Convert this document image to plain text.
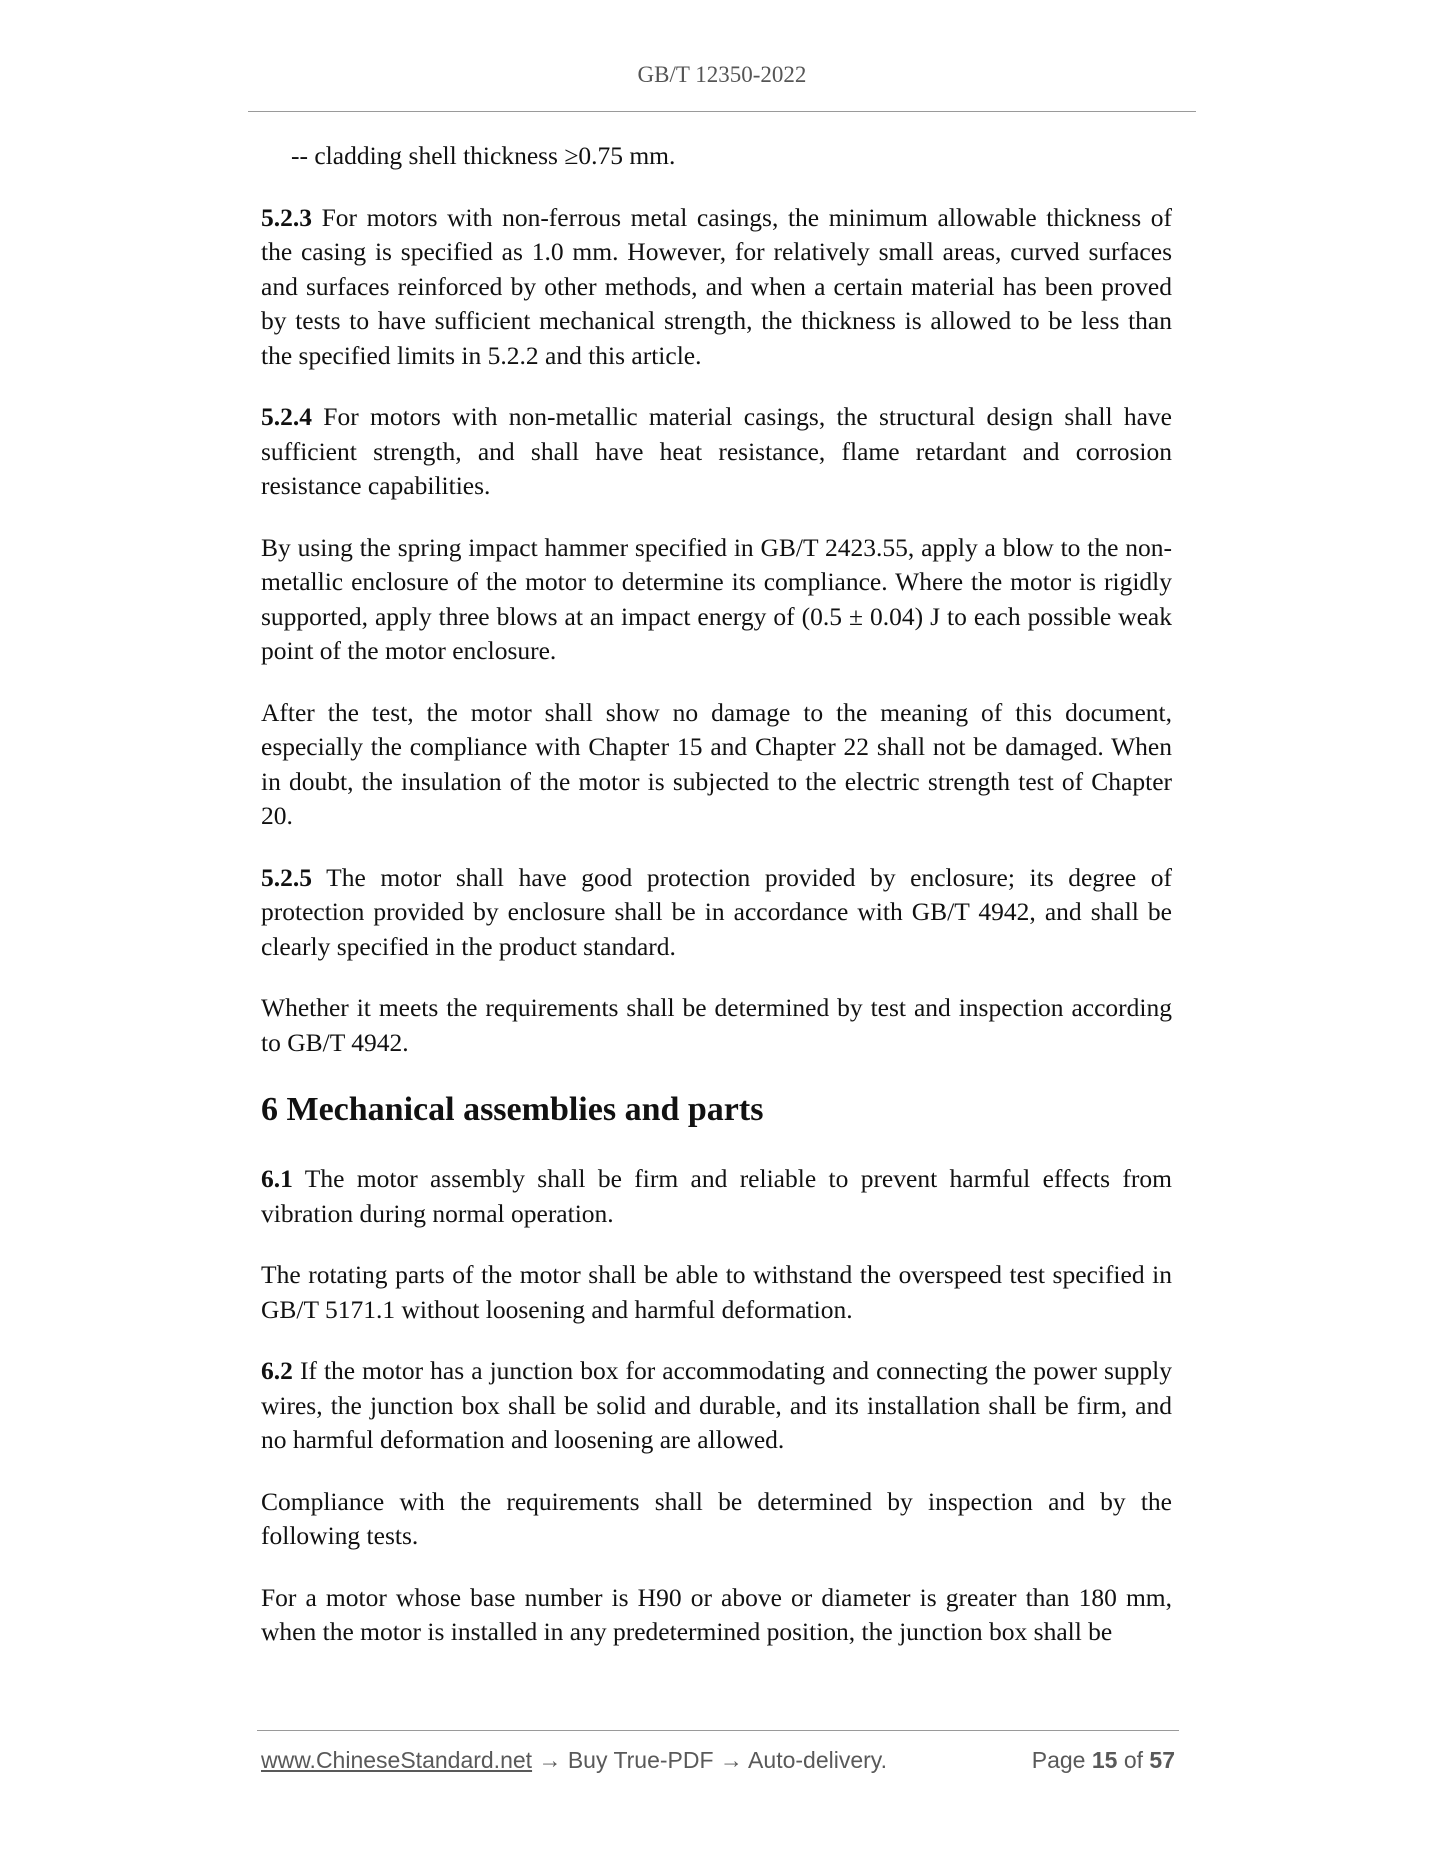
GB/T 12350-2022

-- cladding shell thickness ≥0.75 mm.

5.2.3 For motors with non-ferrous metal casings, the minimum allowable thickness of the casing is specified as 1.0 mm. However, for relatively small areas, curved surfaces and surfaces reinforced by other methods, and when a certain material has been proved by tests to have sufficient mechanical strength, the thickness is allowed to be less than the specified limits in 5.2.2 and this article.

5.2.4 For motors with non-metallic material casings, the structural design shall have sufficient strength, and shall have heat resistance, flame retardant and corrosion resistance capabilities.

By using the spring impact hammer specified in GB/T 2423.55, apply a blow to the non-metallic enclosure of the motor to determine its compliance. Where the motor is rigidly supported, apply three blows at an impact energy of (0.5 ± 0.04) J to each possible weak point of the motor enclosure.

After the test, the motor shall show no damage to the meaning of this document, especially the compliance with Chapter 15 and Chapter 22 shall not be damaged. When in doubt, the insulation of the motor is subjected to the electric strength test of Chapter 20.

5.2.5 The motor shall have good protection provided by enclosure; its degree of protection provided by enclosure shall be in accordance with GB/T 4942, and shall be clearly specified in the product standard.

Whether it meets the requirements shall be determined by test and inspection according to GB/T 4942.

6 Mechanical assemblies and parts

6.1 The motor assembly shall be firm and reliable to prevent harmful effects from vibration during normal operation.

The rotating parts of the motor shall be able to withstand the overspeed test specified in GB/T 5171.1 without loosening and harmful deformation.

6.2 If the motor has a junction box for accommodating and connecting the power supply wires, the junction box shall be solid and durable, and its installation shall be firm, and no harmful deformation and loosening are allowed.

Compliance with the requirements shall be determined by inspection and by the following tests.

For a motor whose base number is H90 or above or diameter is greater than 180 mm, when the motor is installed in any predetermined position, the junction box shall be

www.ChineseStandard.net → Buy True-PDF → Auto-delivery.	Page 15 of 57
